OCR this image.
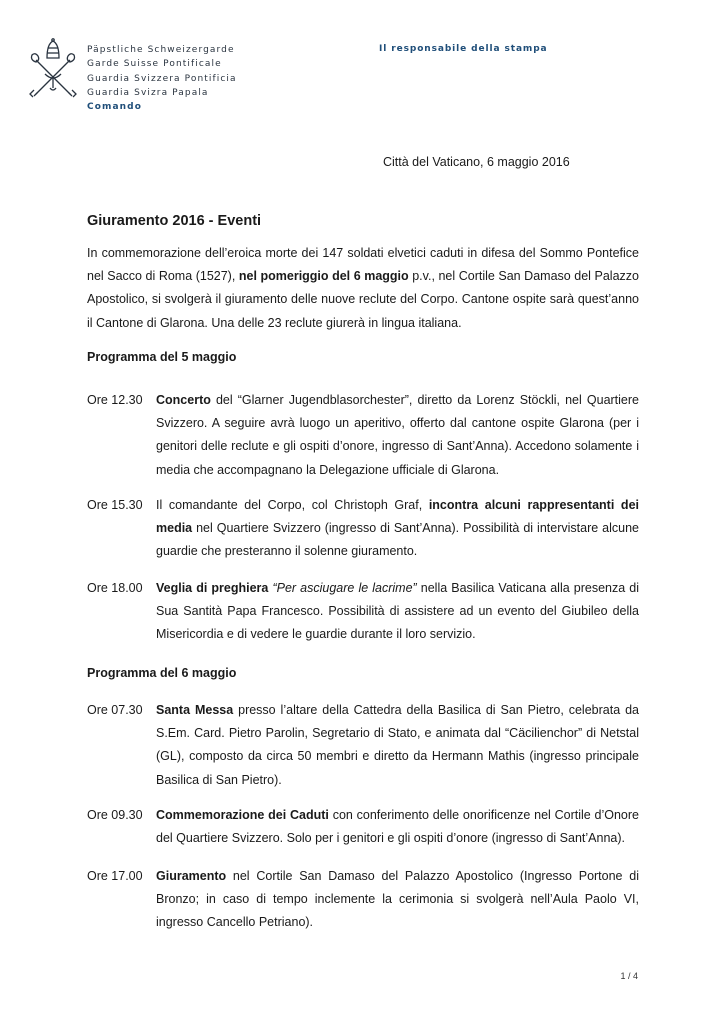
Päpstliche Schweizergarde
Garde Suisse Pontificale
Guardia Svizzera Pontificia
Guardia Svizra Papala
Comando
Il responsabile della stampa
Città del Vaticano, 6 maggio 2016
Giuramento 2016 - Eventi
In commemorazione dell’eroica morte dei 147 soldati elvetici caduti in difesa del Sommo Pontefice nel Sacco di Roma (1527), nel pomeriggio del 6 maggio p.v., nel Cortile San Damaso del Palazzo Apostolico, si svolgerà il giuramento delle nuove reclute del Corpo. Cantone ospite sarà quest’anno il Cantone di Glarona. Una delle 23 reclute giurerà in lingua italiana.
Programma del 5 maggio
Ore 12.30 Concerto del “Glarner Jugendblasorchester”, diretto da Lorenz Stöckli, nel Quartiere Svizzero. A seguire avrà luogo un aperitivo, offerto dal cantone ospite Glarona (per i genitori delle reclute e gli ospiti d’onore, ingresso di Sant’Anna). Accedono solamente i media che accompagnano la Delegazione ufficiale di Glarona.
Ore 15.30 Il comandante del Corpo, col Christoph Graf, incontra alcuni rappresentanti dei media nel Quartiere Svizzero (ingresso di Sant’Anna). Possibilità di intervistare alcune guardie che presteranno il solenne giuramento.
Ore 18.00 Veglia di preghiera “Per asciugare le lacrime” nella Basilica Vaticana alla presenza di Sua Santità Papa Francesco. Possibilità di assistere ad un evento del Giubileo della Misericordia e di vedere le guardie durante il loro servizio.
Programma del 6 maggio
Ore 07.30 Santa Messa presso l’altare della Cattedra della Basilica di San Pietro, celebrata da S.Em. Card. Pietro Parolin, Segretario di Stato, e animata dal “Cäcilienchor” di Netstal (GL), composto da circa 50 membri e diretto da Hermann Mathis (ingresso principale Basilica di San Pietro).
Ore 09.30 Commemorazione dei Caduti con conferimento delle onorificenze nel Cortile d’Onore del Quartiere Svizzero. Solo per i genitori e gli ospiti d’onore (ingresso di Sant’Anna).
Ore 17.00 Giuramento nel Cortile San Damaso del Palazzo Apostolico (Ingresso Portone di Bronzo; in caso di tempo inclemente la cerimonia si svolgerà nell’Aula Paolo VI, ingresso Cancello Petriano).
1 / 4
